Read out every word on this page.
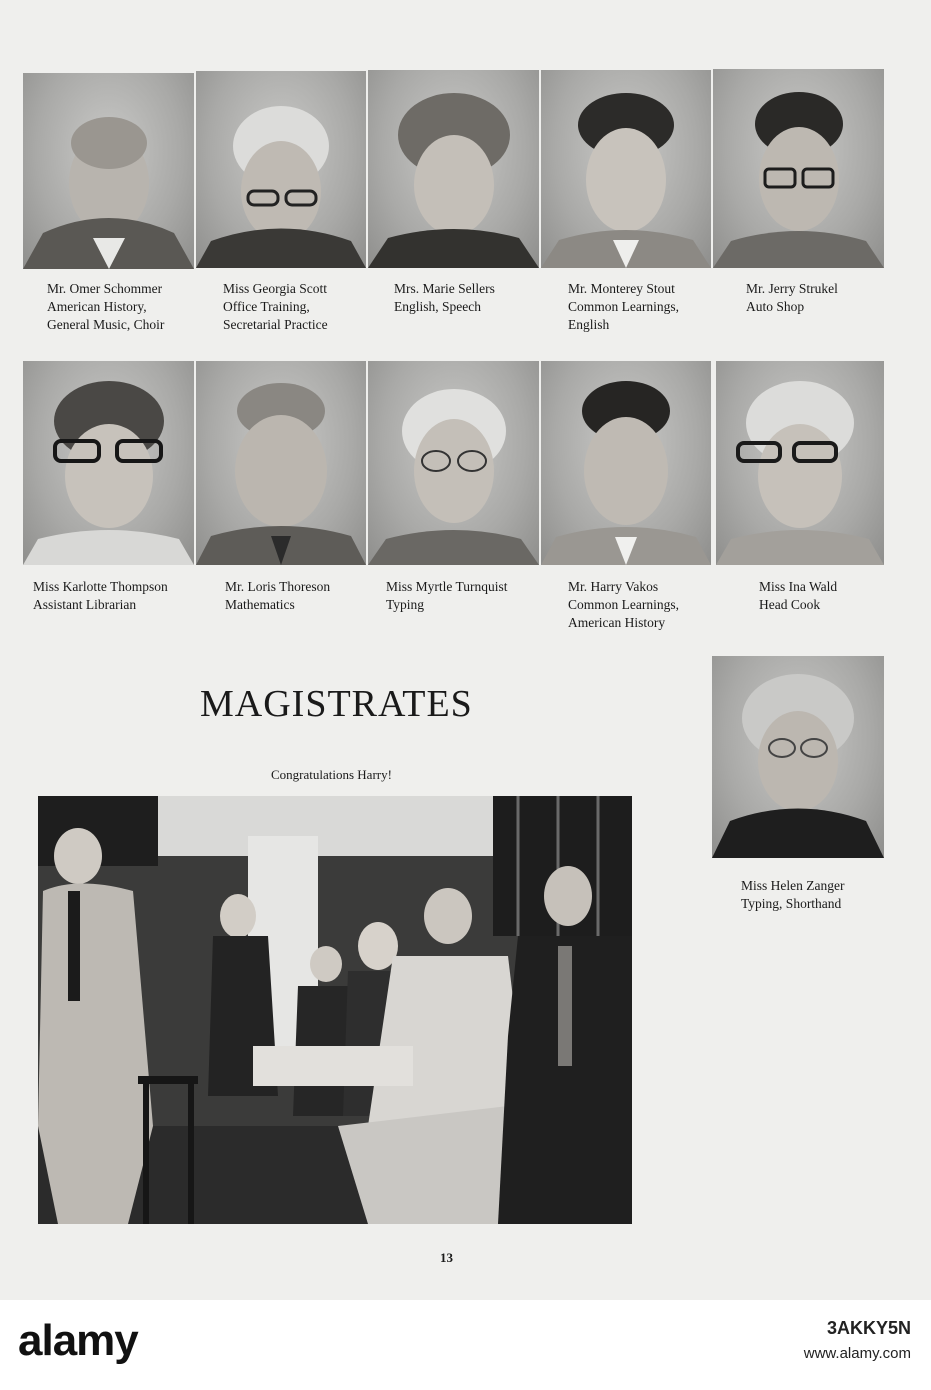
Mr. Omer Schommer
American History,
General Music, Choir
Miss Georgia Scott
Office Training,
Secretarial Practice
Mrs. Marie Sellers
English, Speech
Mr. Monterey Stout
Common Learnings,
English
Mr. Jerry Strukel
Auto Shop
Miss Karlotte Thompson
Assistant Librarian
Mr. Loris Thoreson
Mathematics
Miss Myrtle Turnquist
Typing
Mr. Harry Vakos
Common Learnings,
American History
Miss Ina Wald
Head Cook
MAGISTRATES
Congratulations Harry!
Miss Helen Zanger
Typing, Shorthand
13
alamy	3AKKY5N
www.alamy.com
